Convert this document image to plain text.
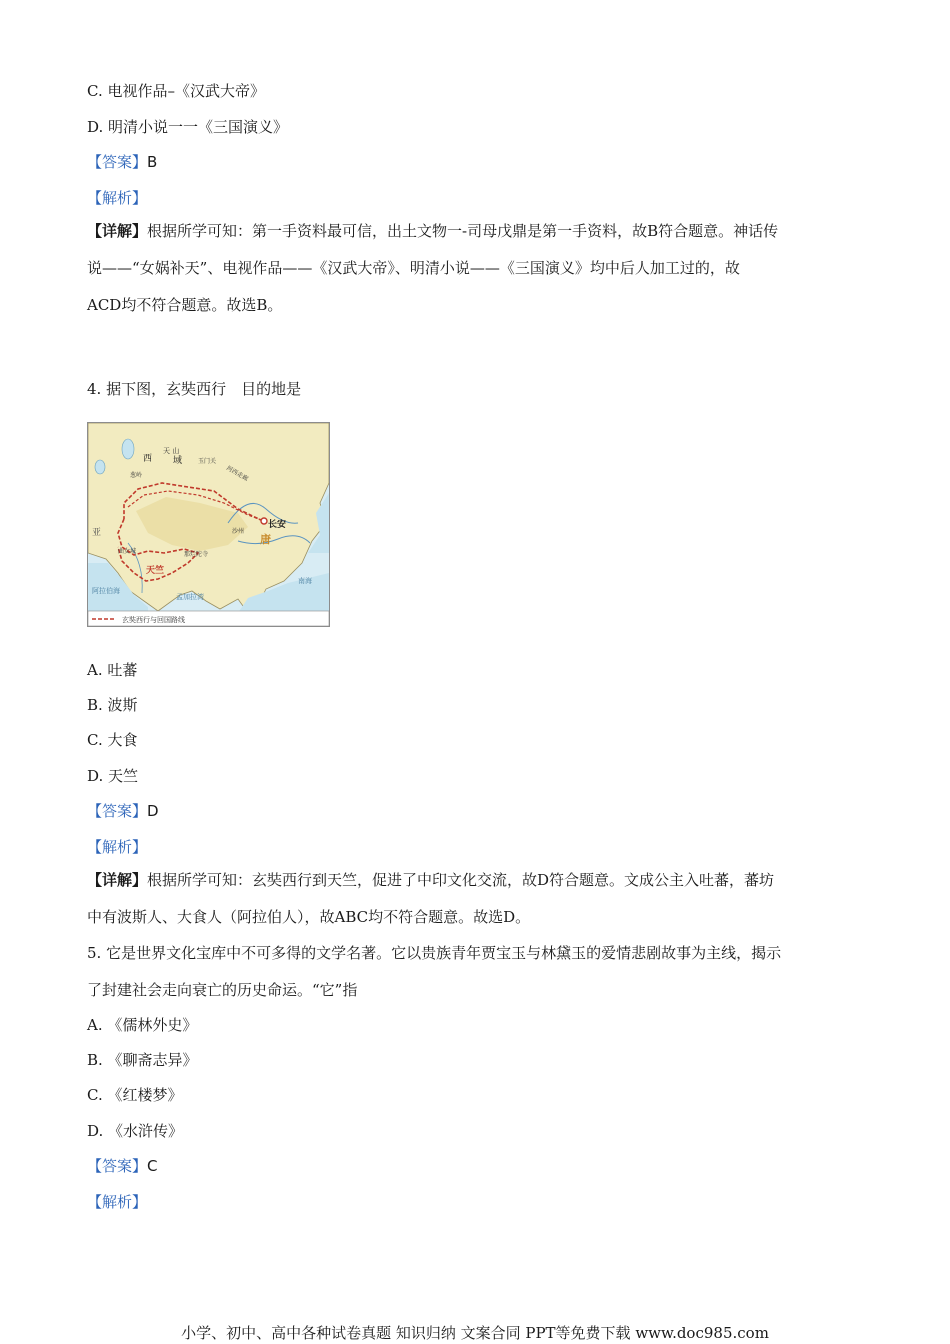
C. 电视作品–《汉武大帝》
D. 明清小说一一《三国演义》
【答案】B
【解析】

【详解】根据所学可知：第一手资料最可信，出土文物一-司母戊鼎是第一手资料，故B符合题意。神话传

说——“女娲补天”、电视作品——《汉武大帝》、明清小说——《三国演义》均中后人加工过的，故

ACD均不符合题意。故选B。

4. 据下图，玄奘西行　目的地是
天 山
西 域
葱岭
玉门关
河西走廊
长安
唐
沙州
曲女城	那烂陀寺
天竺
阿拉伯海
孟加拉湾
南海
亚
玄奘西行与回国路线
A. 吐蕃
B. 波斯
C. 大食
D. 天竺
【答案】D
【解析】

【详解】根据所学可知：玄奘西行到天竺，促进了中印文化交流，故D符合题意。文成公主入吐蕃，蕃坊

中有波斯人、大食人（阿拉伯人），故ABC均不符合题意。故选D。

5. 它是世界文化宝库中不可多得的文学名著。它以贵族青年贾宝玉与林黛玉的爱情悲剧故事为主线，揭示

了封建社会走向衰亡的历史命运。“它”指

A. 《儒林外史》
B. 《聊斋志异》
C. 《红楼梦》
D. 《水浒传》
【答案】C
【解析】
小学、初中、高中各种试卷真题 知识归纳 文案合同 PPT等免费下载 www.doc985.com
